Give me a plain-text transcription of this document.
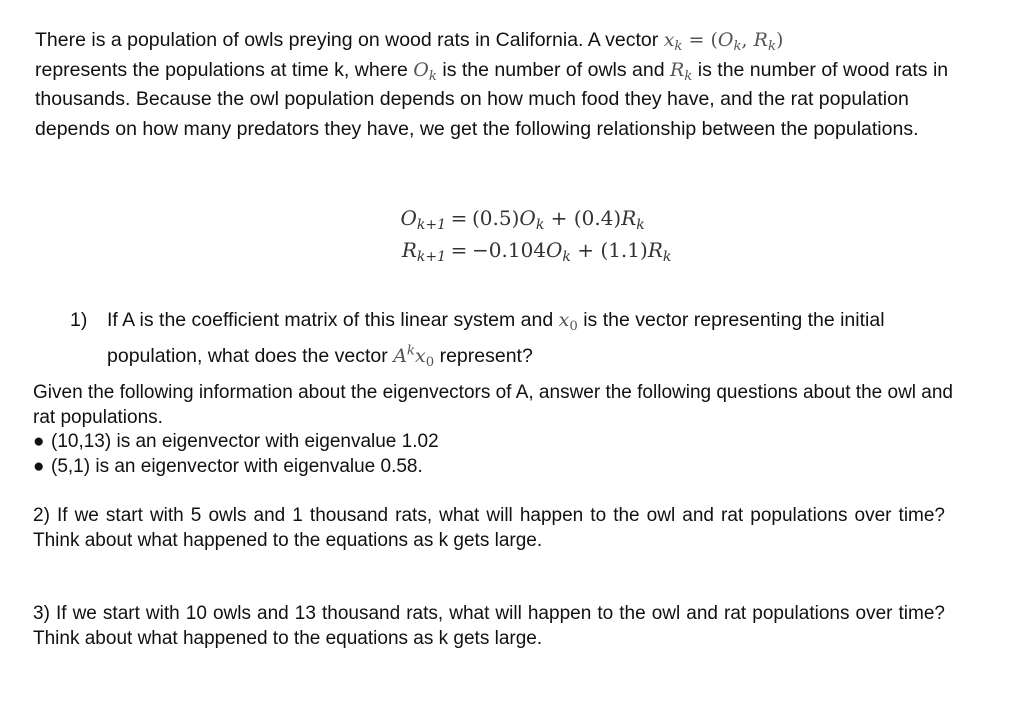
There is a population of owls preying on wood rats in California. A vector $x_k = (O_k$, $R_k$)
represents the populations at time k, where $O_k$ is the number of owls and $R_k$ is the number of wood rats in thousands. Because the owl population depends on how much food they have, and the rat population depends on how many predators they have, we get the following relationship between the populations.

$O_{k+1} = (0.5)O_k + (0.4)R_k$
$R_{k+1} = -0.104O_k + (1.1)R_k$
1) If A is the coefficient matrix of this linear system and $x_0$ is the vector representing the initial population, what does the vector $A^kx_0$ represent?
Given the following information about the eigenvectors of A, answer the following questions about the owl and rat populations.
● (10,13) is an eigenvector with eigenvalue 1.02
● (5,1) is an eigenvector with eigenvalue 0.58.

2) If we start with 5 owls and 1 thousand rats, what will happen to the owl and rat populations over time? Think about what happened to the equations as k gets large.

3) If we start with 10 owls and 13 thousand rats, what will happen to the owl and rat populations over time? Think about what happened to the equations as k gets large.
